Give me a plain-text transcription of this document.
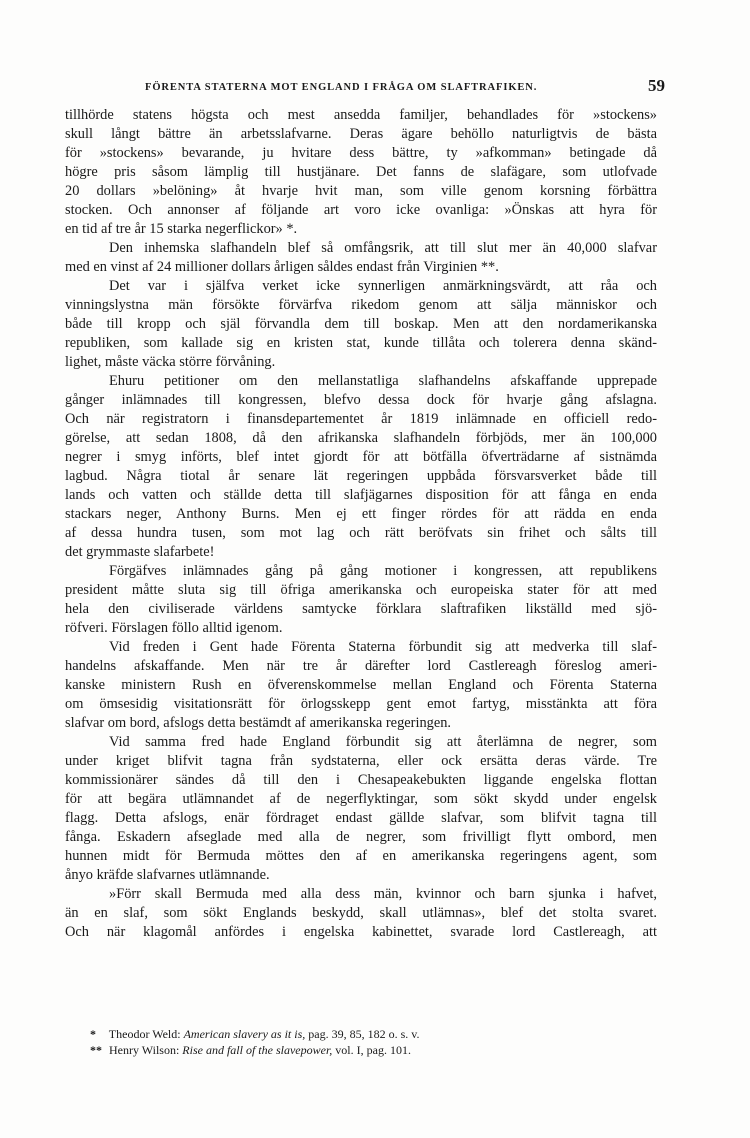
FÖRENTA STATERNA MOT ENGLAND I FRÅGA OM SLAFTRAFIKEN.	59
tillhörde statens högsta och mest ansedda familjer, behandlades för »stockens»
skull långt bättre än arbetsslafvarne. Deras ägare behöllo naturligtvis de bästa
för »stockens» bevarande, ju hvitare dess bättre, ty »afkomman» betingade då
högre pris såsom lämplig till hustjänare. Det fanns de slafägare, som utlofvade
20 dollars »belöning» åt hvarje hvit man, som ville genom korsning förbättra
stocken. Och annonser af följande art voro icke ovanliga: »Önskas att hyra för
en tid af tre år 15 starka negerflickor» *.
Den inhemska slafhandeln blef så omfångsrik, att till slut mer än 40,000 slafvar
med en vinst af 24 millioner dollars årligen såldes endast från Virginien **.
Det var i själfva verket icke synnerligen anmärkningsvärdt, att råa och
vinningslystna män försökte förvärfva rikedom genom att sälja människor och
både till kropp och själ förvandla dem till boskap. Men att den nordamerikanska
republiken, som kallade sig en kristen stat, kunde tillåta och tolerera denna skänd-
lighet, måste väcka större förvåning.
Ehuru petitioner om den mellanstatliga slafhandelns afskaffande upprepade
gånger inlämnades till kongressen, blefvo dessa dock för hvarje gång afslagna.
Och när registratorn i finansdepartementet år 1819 inlämnade en officiell redo-
görelse, att sedan 1808, då den afrikanska slafhandeln förbjöds, mer än 100,000
negrer i smyg införts, blef intet gjordt för att bötfälla öfverträdarne af sistnämda
lagbud. Några tiotal år senare lät regeringen uppbåda försvarsverket både till
lands och vatten och ställde detta till slafjägarnes disposition för att fånga en enda
stackars neger, Anthony Burns. Men ej ett finger rördes för att rädda en enda
af dessa hundra tusen, som mot lag och rätt beröfvats sin frihet och sålts till
det grymmaste slafarbete!
Förgäfves inlämnades gång på gång motioner i kongressen, att republikens
president måtte sluta sig till öfriga amerikanska och europeiska stater för att med
hela den civiliserade världens samtycke förklara slaftrafiken likställd med sjö-
röfveri. Förslagen föllo alltid igenom.
Vid freden i Gent hade Förenta Staterna förbundit sig att medverka till slaf-
handelns afskaffande. Men när tre år därefter lord Castlereagh föreslog ameri-
kanske ministern Rush en öfverenskommelse mellan England och Förenta Staterna
om ömsesidig visitationsrätt för örlogsskepp gent emot fartyg, misstänkta att föra
slafvar om bord, afslogs detta bestämdt af amerikanska regeringen.
Vid samma fred hade England förbundit sig att återlämna de negrer, som
under kriget blifvit tagna från sydstaterna, eller ock ersätta deras värde. Tre
kommissionärer sändes då till den i Chesapeakebukten liggande engelska flottan
för att begära utlämnandet af de negerflyktingar, som sökt skydd under engelsk
flagg. Detta afslogs, enär fördraget endast gällde slafvar, som blifvit tagna till
fånga. Eskadern afseglade med alla de negrer, som frivilligt flytt ombord, men
hunnen midt för Bermuda möttes den af en amerikanska regeringens agent, som
ånyo kräfde slafvarnes utlämnande.
»Förr skall Bermuda med alla dess män, kvinnor och barn sjunka i hafvet,
än en slaf, som sökt Englands beskydd, skall utlämnas», blef det stolta svaret.
Och när klagomål anfördes i engelska kabinettet, svarade lord Castlereagh, att
* Theodor Weld: American slavery as it is, pag. 39, 85, 182 o. s. v.
** Henry Wilson: Rise and fall of the slavepower, vol. I, pag. 101.
